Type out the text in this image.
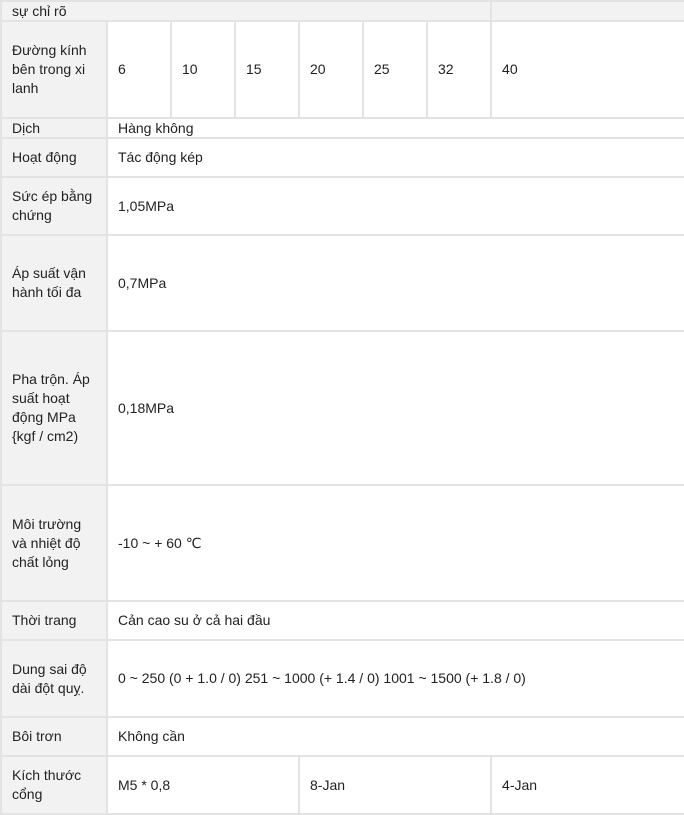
sự chỉ rõ							
Đường kính bên trong xi lanh	6	10	15	20	25	32	40
Dịch	Hàng không						
Hoạt động	Tác động kép						
Sức ép bằng chứng	1,05MPa						
Áp suất vận hành tối đa	0,7MPa						
Pha trộn. Áp suất hoạt động MPa {kgf / cm2)	0,18MPa						
Môi trường và nhiệt độ chất lỏng	-10 ~ + 60 ℃						
Thời trang	Cản cao su ở cả hai đầu						
Dung sai độ dài đột quỵ.	0 ~ 250 (0 + 1.0 / 0) 251 ~ 1000 (+ 1.4 / 0) 1001 ~ 1500 (+ 1.8 / 0)						
Bôi trơn	Không cần						
Kích thước cổng	M5 * 0,8			8-Jan			4-Jan
